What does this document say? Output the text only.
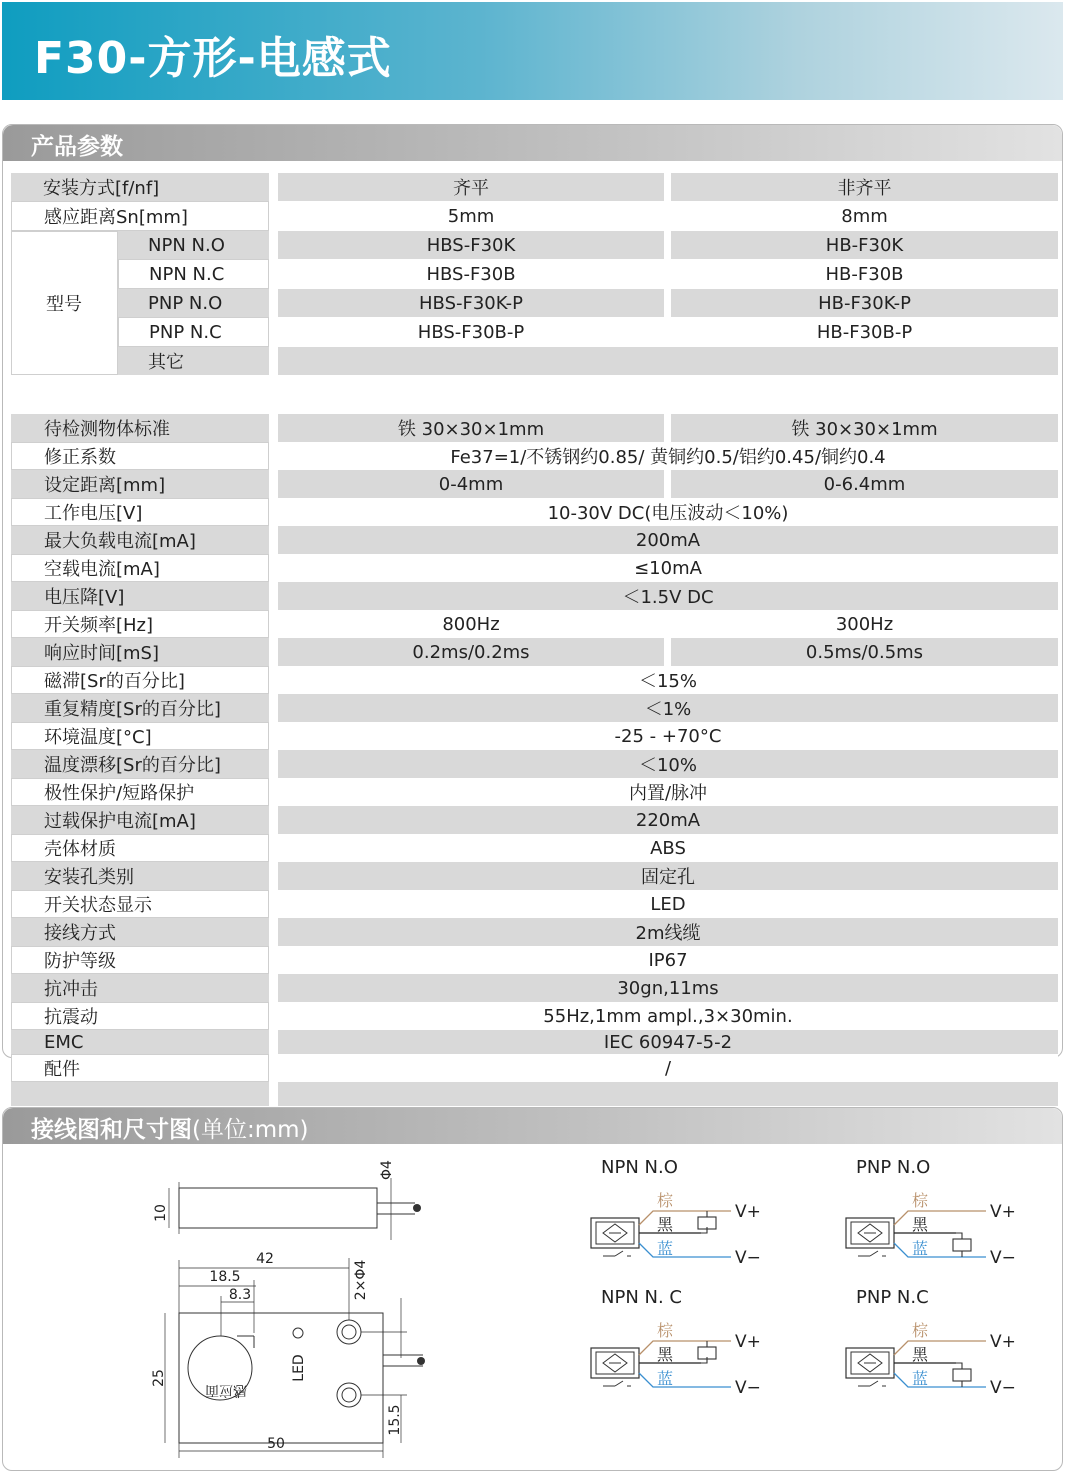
F30-方形-电感式
产品参数
安装方式[f/nf]			齐平		非齐平
感应距离Sn[mm]			5mm		8mm
型号	NPN N.O		HBS-F30K		HB-F30K
	NPN N.C		HBS-F30B		HB-F30B
	PNP N.O		HBS-F30K-P		HB-F30K-P
	PNP N.C		HBS-F30B-P		HB-F30B-P
	其它				
待检测物体标准		铁 30×30×1mm		铁 30×30×1mm
修正系数		Fe37=1/不锈钢约0.85/ 黄铜约0.5/铝约0.45/铜约0.4		
设定距离[mm]		0-4mm		0-6.4mm
工作电压[V]		10-30V DC(电压波动＜10%)		
最大负载电流[mA]		200mA		
空载电流[mA]		≤10mA		
电压降[V]		＜1.5V DC		
开关频率[Hz]		800Hz		300Hz
响应时间[mS]		0.2ms/0.2ms		0.5ms/0.5ms
磁滞[Sr的百分比]		＜15%		
重复精度[Sr的百分比]		＜1%		
环境温度[°C]		-25 - +70°C		
温度漂移[Sr的百分比]		＜10%		
极性保护/短路保护		内置/脉冲		
过载保护电流[mA]		220mA		
壳体材质		ABS		
安装孔类别		固定孔		
开关状态显示		LED		
接线方式		2m线缆		
防护等级		IP67		
抗冲击		30gn,11ms		
抗震动		55Hz,1mm ampl.,3×30min.		
EMC		IEC 60947-5-2		
配件		/		

接线图和尺寸图(单位:mm)
10
Φ4
42
18.5
8.3	2×Φ4
25
50
15.5
LED
感应面
NPN N.O
棕
黑
蓝
V+
V−
PNP N.O
棕
黑
蓝
V+
V−
NPN N. C
棕
黑
蓝
V+
V−
PNP N.C
棕
黑
蓝
V+
V−
